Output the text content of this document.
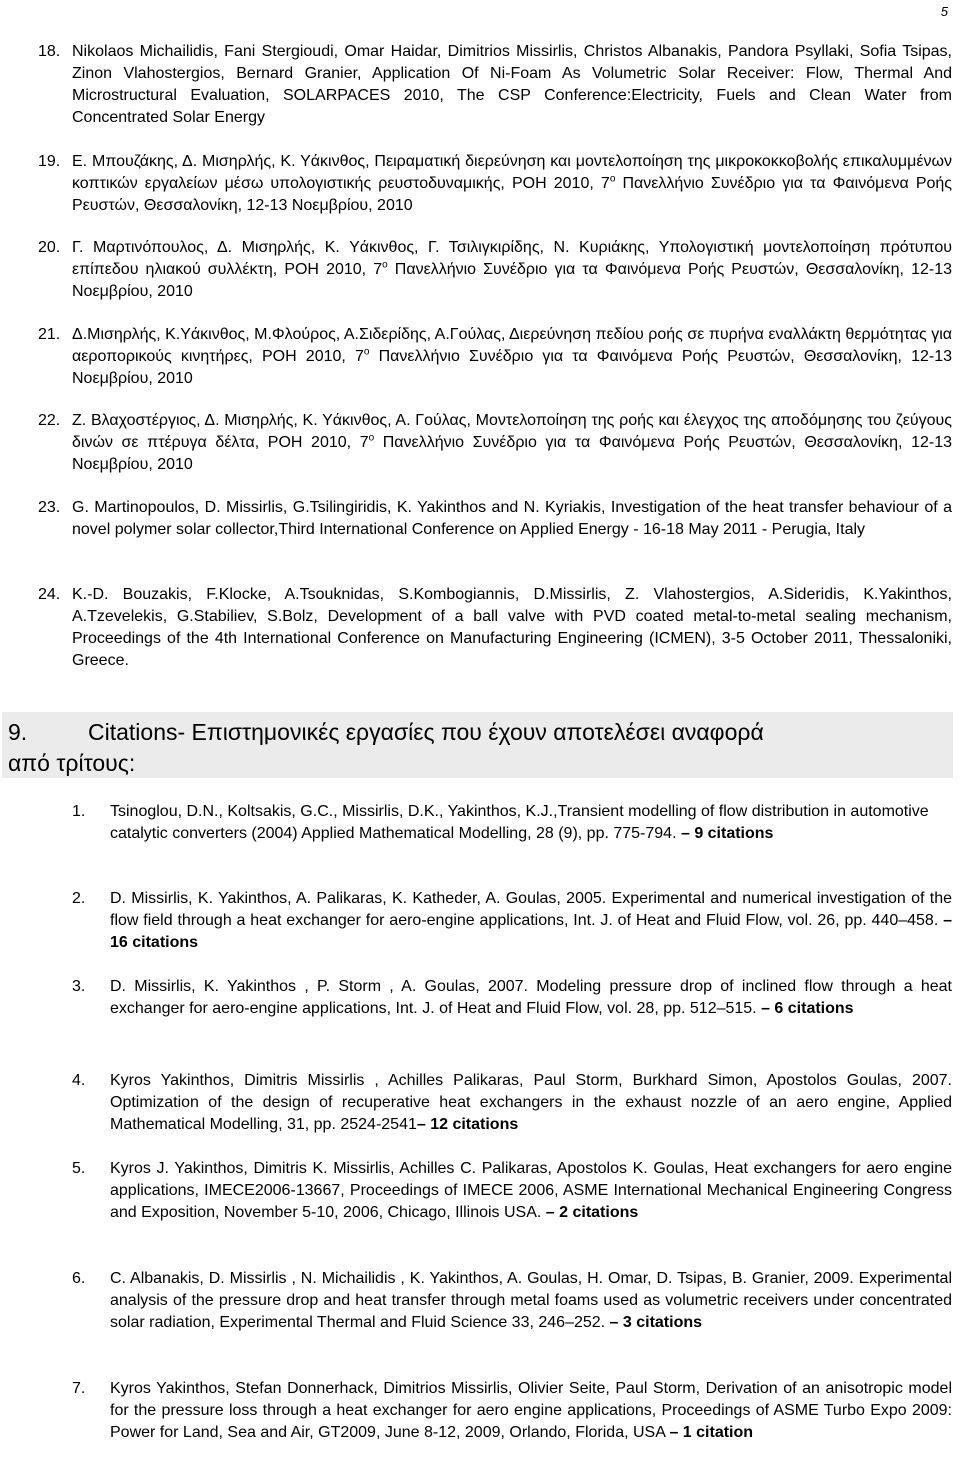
5
18. Nikolaos Michailidis, Fani Stergioudi, Omar Haidar, Dimitrios Missirlis, Christos Albanakis, Pandora Psyllaki, Sofia Tsipas, Zinon Vlahostergios, Bernard Granier, Application Of Ni-Foam As Volumetric Solar Receiver: Flow, Thermal And Microstructural Evaluation, SOLARPACES 2010, The CSP Conference:Electricity, Fuels and Clean Water from Concentrated Solar Energy
19. Ε. Μπουζάκης, Δ. Μισηρλής, Κ. Υάκινθος, Πειραματική διερεύνηση και μοντελοποίηση της μικροκοκκοβολής επικαλυμμένων κοπτικών εργαλείων μέσω υπολογιστικής ρευστοδυναμικής, ΡΟΗ 2010, $7^o$ Πανελλήνιο Συνέδριο για τα Φαινόμενα Ροής Ρευστών, Θεσσαλονίκη, 12-13 Νοεμβρίου, 2010
20. Γ. Μαρτινόπουλος, Δ. Μισηρλής, Κ. Υάκινθος, Γ. Τσιλιγκιρίδης, Ν. Κυριάκης, Υπολογιστική μοντελοποίηση πρότυπου επίπεδου ηλιακού συλλέκτη, ΡΟΗ 2010, $7^o$ Πανελλήνιο Συνέδριο για τα Φαινόμενα Ροής Ρευστών, Θεσσαλονίκη, 12-13 Νοεμβρίου, 2010
21. Δ.Μισηρλής, Κ.Υάκινθος, Μ.Φλούρος, Α.Σιδερίδης, Α.Γούλας, Διερεύνηση πεδίου ροής σε πυρήνα εναλλάκτη θερμότητας για αεροπορικούς κινητήρες, ΡΟΗ 2010, $7^o$ Πανελλήνιο Συνέδριο για τα Φαινόμενα Ροής Ρευστών, Θεσσαλονίκη, 12-13 Νοεμβρίου, 2010
22. Ζ. Βλαχοστέργιος, Δ. Μισηρλής, Κ. Υάκινθος, Α. Γούλας, Μοντελοποίηση της ροής και έλεγχος της αποδόμησης του ζεύγους δινών σε πτέρυγα δέλτα, ΡΟΗ 2010, $7^o$ Πανελλήνιο Συνέδριο για τα Φαινόμενα Ροής Ρευστών, Θεσσαλονίκη, 12-13 Νοεμβρίου, 2010
23. G. Martinopoulos, D. Missirlis, G.Tsilingiridis, K. Yakinthos and N. Kyriakis, Investigation of the heat transfer behaviour of a novel polymer solar collector,Third International Conference on Applied Energy - 16-18 May 2011 - Perugia, Italy
24. K.-D. Bouzakis, F.Klocke, A.Tsouknidas, S.Kombogiannis, D.Missirlis, Z. Vlahostergios, A.Sideridis, K.Yakinthos, A.Tzevelekis, G.Stabiliev, S.Bolz, Development of a ball valve with PVD coated metal-to-metal sealing mechanism, Proceedings of the 4th International Conference on Manufacturing Engineering (ICMEN), 3-5 October 2011, Thessaloniki, Greece.
9.	Citations- Επιστημονικές εργασίες που έχουν αποτελέσει αναφορά
από τρίτους:
1.	Tsinoglou, D.N., Koltsakis, G.C., Missirlis, D.K., Yakinthos, K.J.,Transient modelling of flow distribution in automotive catalytic converters (2004) Applied Mathematical Modelling, 28 (9), pp. 775-794. – 9 citations
2.	D. Missirlis, K. Yakinthos, A. Palikaras, K. Katheder, A. Goulas, 2005. Experimental and numerical investigation of the flow field through a heat exchanger for aero-engine applications, Int. J. of Heat and Fluid Flow, vol. 26, pp. 440–458. – 16 citations
3.	D. Missirlis, K. Yakinthos , P. Storm , A. Goulas, 2007. Modeling pressure drop of inclined flow through a heat exchanger for aero-engine applications, Int. J. of Heat and Fluid Flow, vol. 28, pp. 512–515. – 6 citations
4.	Kyros Yakinthos, Dimitris Missirlis , Achilles Palikaras, Paul Storm, Burkhard Simon, Apostolos Goulas, 2007. Optimization of the design of recuperative heat exchangers in the exhaust nozzle of an aero engine, Applied Mathematical Modelling, 31, pp. 2524-2541– 12 citations
5.	Kyros J. Yakinthos, Dimitris K. Missirlis, Achilles C. Palikaras, Apostolos K. Goulas, Heat exchangers for aero engine applications, IMECE2006-13667, Proceedings of IMECE 2006, ASME International Mechanical Engineering Congress and Exposition, November 5-10, 2006, Chicago, Illinois USA. – 2 citations
6.	C. Albanakis, D. Missirlis , N. Michailidis , K. Yakinthos, A. Goulas, H. Omar, D. Tsipas, B. Granier, 2009. Experimental analysis of the pressure drop and heat transfer through metal foams used as volumetric receivers under concentrated solar radiation, Experimental Thermal and Fluid Science 33, 246–252. – 3 citations
7.	Kyros Yakinthos, Stefan Donnerhack, Dimitrios Missirlis, Olivier Seite, Paul Storm, Derivation of an anisotropic model for the pressure loss through a heat exchanger for aero engine applications, Proceedings of ASME Turbo Expo 2009: Power for Land, Sea and Air, GT2009, June 8-12, 2009, Orlando, Florida, USA – 1 citation
